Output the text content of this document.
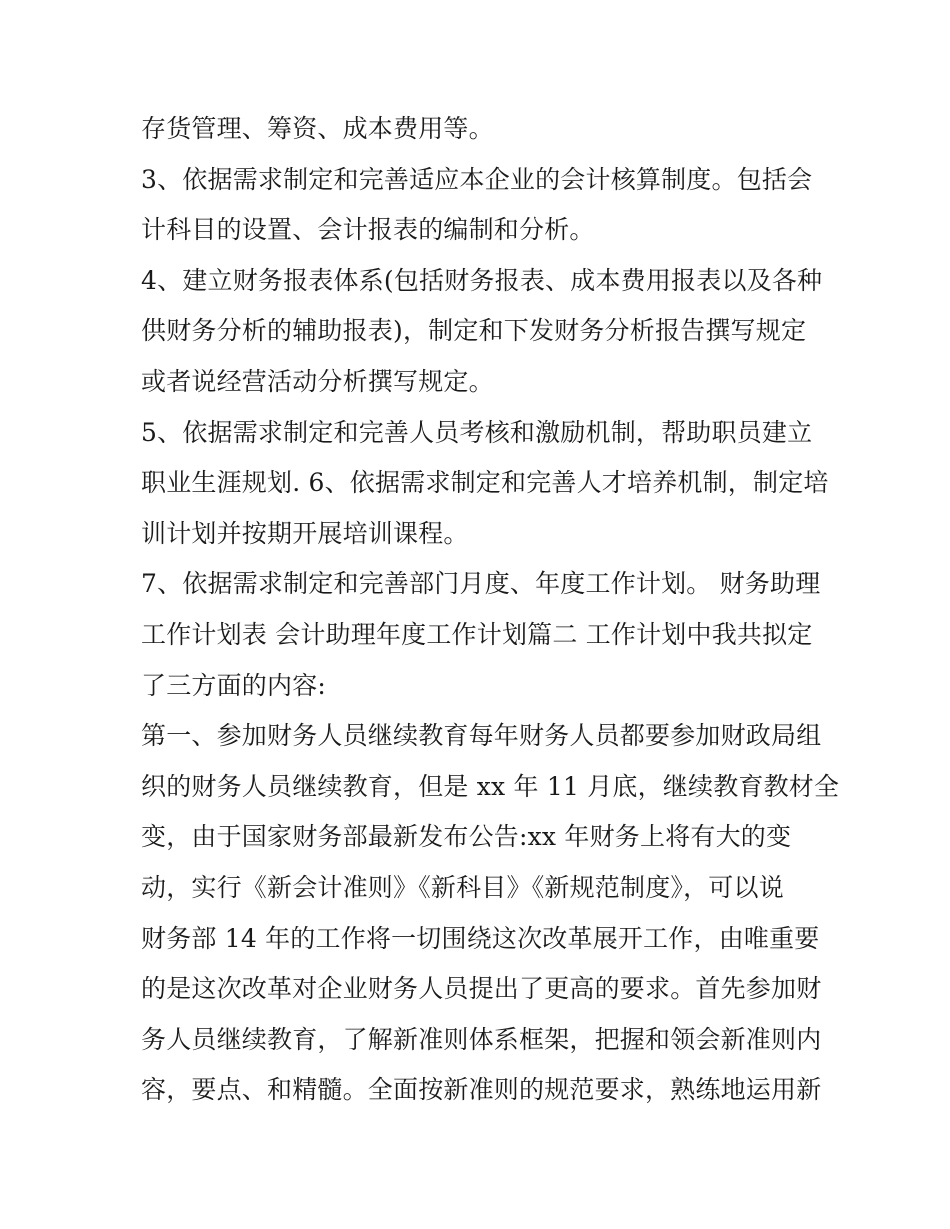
存货管理、筹资、成本费用等。
3、依据需求制定和完善适应本企业的会计核算制度。包括会
计科目的设置、会计报表的编制和分析。
4、建立财务报表体系(包括财务报表、成本费用报表以及各种
供财务分析的辅助报表)，制定和下发财务分析报告撰写规定
或者说经营活动分析撰写规定。
5、依据需求制定和完善人员考核和激励机制，帮助职员建立
职业生涯规划. 6、依据需求制定和完善人才培养机制，制定培
训计划并按期开展培训课程。
7、依据需求制定和完善部门月度、年度工作计划。 财务助理
工作计划表 会计助理年度工作计划篇二 工作计划中我共拟定
了三方面的内容:
第一、参加财务人员继续教育每年财务人员都要参加财政局组
织的财务人员继续教育，但是 xx 年 11 月底，继续教育教材全
变，由于国家财务部最新发布公告:xx 年财务上将有大的变
动，实行《新会计准则》《新科目》《新规范制度》，可以说
财务部 14 年的工作将一切围绕这次改革展开工作，由唯重要
的是这次改革对企业财务人员提出了更高的要求。首先参加财
务人员继续教育，了解新准则体系框架，把握和领会新准则内
容，要点、和精髓。全面按新准则的规范要求，熟练地运用新
